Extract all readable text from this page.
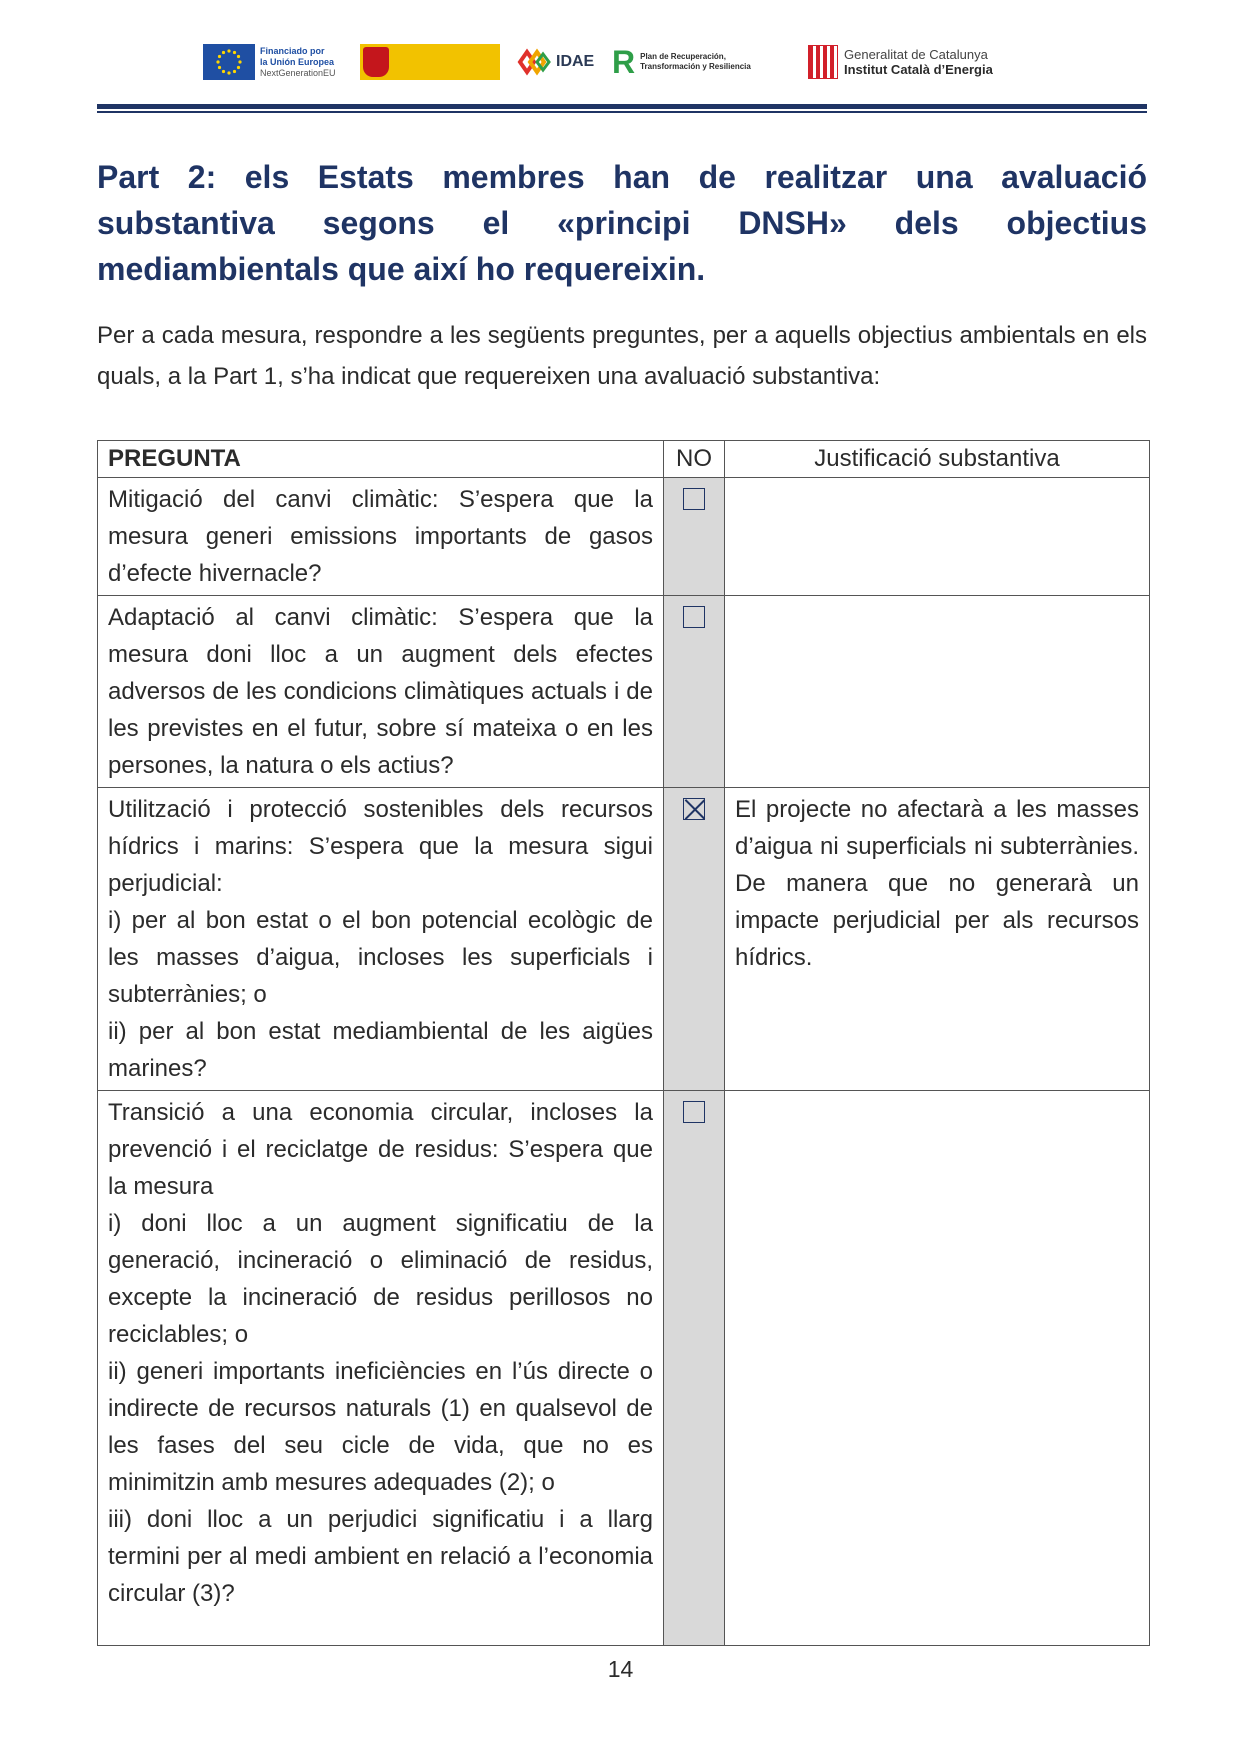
Financiado por
la Unión Europea
NextGenerationEU
IDAE R Plan de Recuperación,
Transformación y Resiliencia
Generalitat de Catalunya
Institut Català d’Energia
Part 2: els Estats membres han de realitzar una avaluació substantiva segons el «principi DNSH» dels objectius mediambientals que així ho requereixin.

Per a cada mesura, respondre a les següents preguntes, per a aquells objectius ambientals en els quals, a la Part 1, s’ha indicat que requereixen una avaluació substantiva:

PREGUNTA	NO	Justificació substantiva

Mitigació del canvi climàtic: S’espera que la mesura generi emissions importants de gasos d’efecte hivernacle?		

Adaptació al canvi climàtic: S’espera que la mesura doni lloc a un augment dels efectes adversos de les condicions climàtiques actuals i de les previstes en el futur, sobre sí mateixa o en les persones, la natura o els actius?		

Utilització i protecció sostenibles dels recursos hídrics i marins: S’espera que la mesura sigui perjudicial:
i) per al bon estat o el bon potencial ecològic de les masses d’aigua, incloses les superficials i subterrànies; o
ii) per al bon estat mediambiental de les aigües marines?		El projecte no afectarà a les masses d’aigua ni superficials ni subterrànies. De manera que no generarà un impacte perjudicial per als recursos hídrics.

Transició a una economia circular, incloses la prevenció i el reciclatge de residus: S’espera que la mesura
i) doni lloc a un augment significatiu de la generació, incineració o eliminació de residus, excepte la incineració de residus perillosos no reciclables; o
ii) generi importants ineficiències en l’ús directe o indirecte de recursos naturals (1) en qualsevol de les fases del seu cicle de vida, que no es minimitzin amb mesures adequades (2); o
iii) doni lloc a un perjudici significatiu i a llarg termini per al medi ambient en relació a l’economia circular (3)?		

14
